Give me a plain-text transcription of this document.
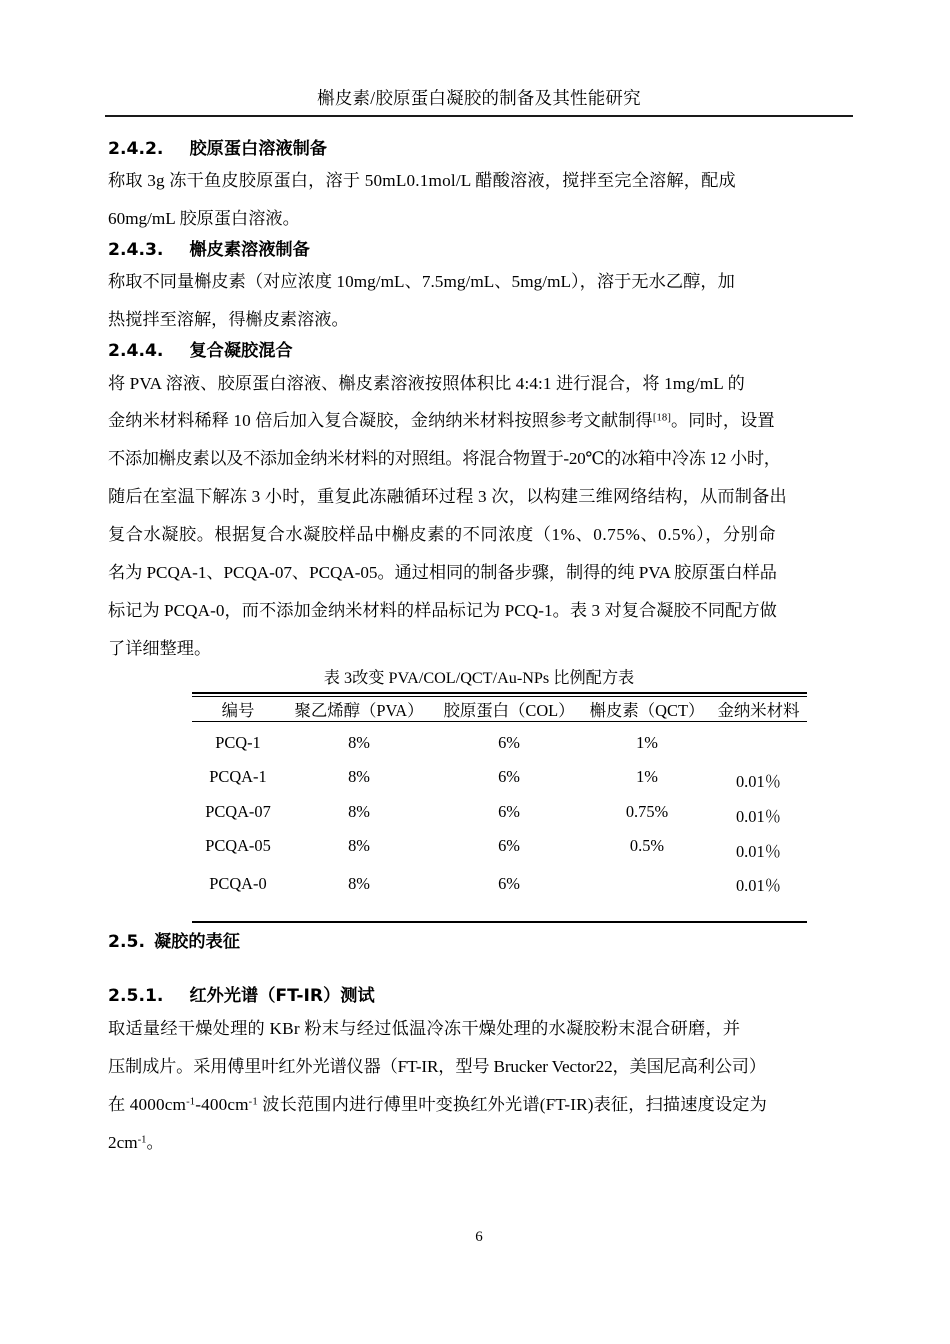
槲皮素/胶原蛋白凝胶的制备及其性能研究
2.4.2. 胶原蛋白溶液制备
称取 3g 冻干鱼皮胶原蛋白，溶于 50mL0.1mol/L 醋酸溶液，搅拌至完全溶解，配成
60mg/mL 胶原蛋白溶液。
2.4.3. 槲皮素溶液制备
称取不同量槲皮素（对应浓度 10mg/mL、7.5mg/mL、5mg/mL），溶于无水乙醇，加
热搅拌至溶解，得槲皮素溶液。
2.4.4. 复合凝胶混合
将 PVA 溶液、胶原蛋白溶液、槲皮素溶液按照体积比 4:4:1 进行混合，将 1mg/mL 的
金纳米材料稀释 10 倍后加入复合凝胶，金纳纳米材料按照参考文献制得[18]。同时，设置
不添加槲皮素以及不添加金纳米材料的对照组。将混合物置于-20℃的冰箱中冷冻 12 小时，
随后在室温下解冻 3 小时，重复此冻融循环过程 3 次，以构建三维网络结构，从而制备出
复合水凝胶。根据复合水凝胶样品中槲皮素的不同浓度（1%、0.75%、0.5%），分别命
名为 PCQA-1、PCQA-07、PCQA-05。通过相同的制备步骤，制得的纯 PVA 胶原蛋白样品
标记为 PCQA-0，而不添加金纳米材料的样品标记为 PCQ-1。表 3 对复合凝胶不同配方做
了详细整理。
表 3改变 PVA/COL/QCT/Au-NPs 比例配方表
编号	聚乙烯醇（PVA）	胶原蛋白（COL）	槲皮素（QCT）	金纳米材料
PCQ-1	8%	6%	1%	
PCQA-1	8%	6%	1%	0.01％
PCQA-07	8%	6%	0.75%	0.01％
PCQA-05	8%	6%	0.5%	0.01％
PCQA-0	8%	6%		0.01％
2.5. 凝胶的表征
2.5.1. 红外光谱（FT-IR）测试
取适量经干燥处理的 KBr 粉末与经过低温冷冻干燥处理的水凝胶粉末混合研磨，并
压制成片。采用傅里叶红外光谱仪器（FT-IR，型号 Brucker Vector22，美国尼高利公司）
在 $4000cm^{-1}-400cm^{-1}$ 波长范围内进行傅里叶变换红外光谱(FT-IR)表征，扫描速度设定为
$2cm^{-1}$。
6
